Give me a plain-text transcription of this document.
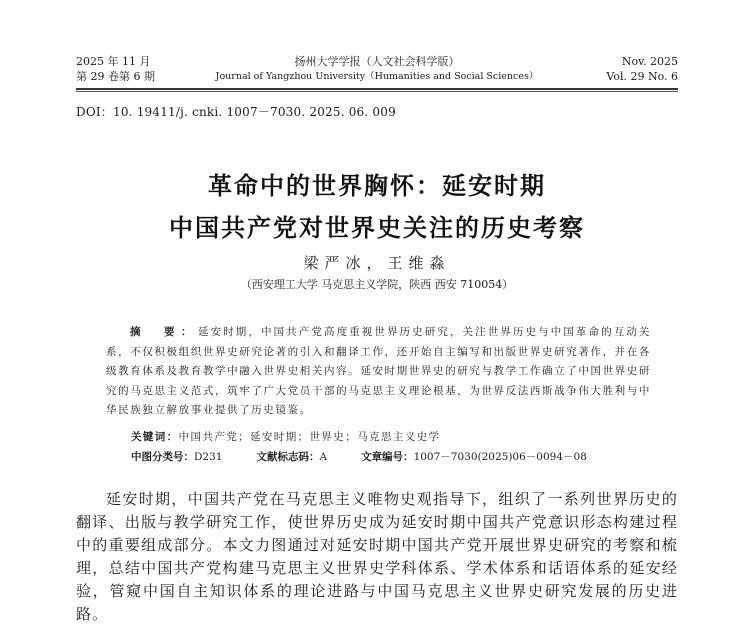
2025 年 11 月
第 29 卷第 6 期
扬州大学学报（人文社会科学版）
Journal of Yangzhou University（Humanities and Social Sciences）
Nov. 2025
Vol. 29 No. 6
DOI：10. 19411/j. cnki. 1007－7030. 2025. 06. 009
革命中的世界胸怀：延安时期
中国共产党对世界史关注的历史考察
梁严冰，王维淼
（西安理工大学 马克思主义学院，陕西 西安 710054）
摘　要：延安时期，中国共产党高度重视世界历史研究，关注世界历史与中国革命的互动关系，不仅积极组织世界史研究论著的引入和翻译工作，还开始自主编写和出版世界史研究著作，并在各级教育体系及教育教学中融入世界史相关内容。延安时期世界史的研究与教学工作确立了中国世界史研究的马克思主义范式，筑牢了广大党员干部的马克思主义理论根基，为世界反法西斯战争伟大胜利与中华民族独立解放事业提供了历史镜鉴。
关键词：中国共产党；延安时期；世界史；马克思主义史学
中图分类号：D231	文献标志码：A	文章编号：1007－7030(2025)06－0094－08

延安时期，中国共产党在马克思主义唯物史观指导下，组织了一系列世界历史的翻译、出版与教学研究工作，使世界历史成为延安时期中国共产党意识形态构建过程中的重要组成部分。本文力图通过对延安时期中国共产党开展世界史研究的考察和梳理，总结中国共产党构建马克思主义世界史学科体系、学术体系和话语体系的延安经验，管窥中国自主知识体系的理论进路与中国马克思主义世界史研究发展的历史进路。
